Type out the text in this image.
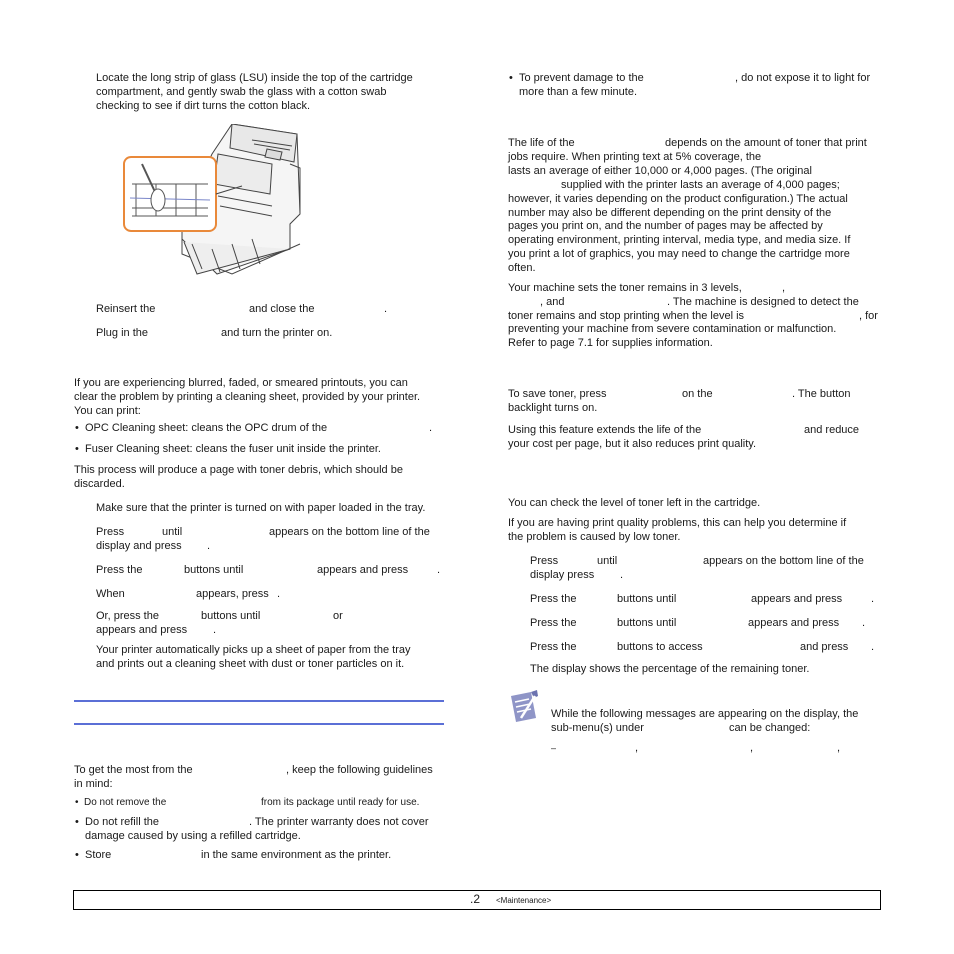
Locate the long strip of glass (LSU) inside the top of the cartridge
compartment, and gently swab the glass with a cotton swab
checking to see if dirt turns the cotton black.
Reinsert the	and close the	.
Plug in the	and turn the printer on.
If you are experiencing blurred, faded, or smeared printouts, you can
clear the problem by printing a cleaning sheet, provided by your printer.
You can print:
• OPC Cleaning sheet: cleans the OPC drum of the	.
• Fuser Cleaning sheet: cleans the fuser unit inside the printer.
This process will produce a page with toner debris, which should be
discarded.
Make sure that the printer is turned on with paper loaded in the tray.
Press	until	appears on the bottom line of the
display and press .
Press the	buttons until	appears and press	.
When	appears, press .
Or, press the	buttons until	or
appears and press .
Your printer automatically picks up a sheet of paper from the tray
and prints out a cleaning sheet with dust or toner particles on it.
To get the most from the	, keep the following guidelines
in mind:
• Do not remove the	from its package until ready for use.
• Do not refill the	. The printer warranty does not cover
damage caused by using a refilled cartridge.
• Store	in the same environment as the printer.
• To prevent damage to the	, do not expose it to light for
more than a few minute.
The life of the	depends on the amount of toner that print
jobs require. When printing text at 5% coverage, the
lasts an average of either 10,000 or 4,000 pages. (The original
supplied with the printer lasts an average of 4,000 pages;
however, it varies depending on the product configuration.) The actual
number may also be different depending on the print density of the
pages you print on, and the number of pages may be affected by
operating environment, printing interval, media type, and media size. If
you print a lot of graphics, you may need to change the cartridge more
often.
Your machine sets the toner remains in 3 levels,	,
, and	. The machine is designed to detect the
toner remains and stop printing when the level is	, for
preventing your machine from severe contamination or malfunction.
Refer to page 7.1 for supplies information.
To save toner, press	on the	. The button
backlight turns on.
Using this feature extends the life of the	and reduce
your cost per page, but it also reduces print quality.
You can check the level of toner left in the cartridge.
If you are having print quality problems, this can help you determine if
the problem is caused by low toner.
Press	until	appears on the bottom line of the
display press .
Press the	buttons until	appears and press	.
Press the	buttons until	appears and press .
Press the	buttons to access	and press .
The display shows the percentage of the remaining toner.
While the following messages are appearing on the display, the
sub-menu(s) under	can be changed:
–	,	,	,
.2 <Maintenance>
